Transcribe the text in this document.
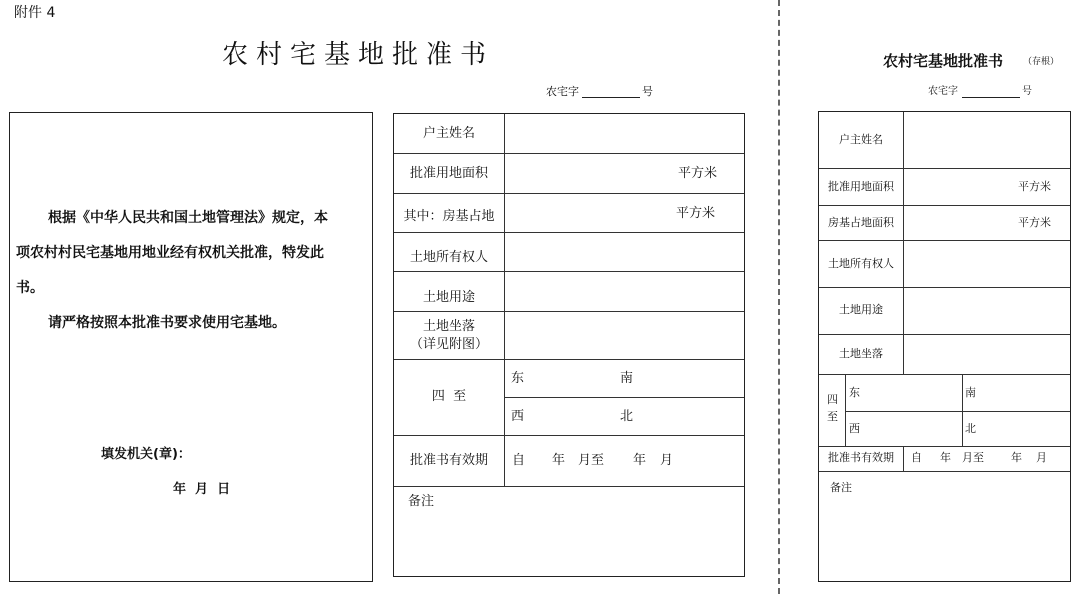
附件 4
农村宅基地批准书
农宅字	号
根据《中华人民共和国土地管理法》规定，本
项农村村民宅基地用地业经有权机关批准，特发此
书。
请严格按照本批准书要求使用宅基地。
填发机关(章)：
年  月  日
户主姓名
批准用地面积	平方米
其中：房基占地	平方米
土地所有权人
土地用途
土地坐落
（详见附图）
四  至
东	南
西	北
批准书有效期	自 年 月至 年 月
备注
农村宅基地批准书 （存根）
农宅字	号
户主姓名
批准用地面积	平方米
房基占地面积	平方米
土地所有权人
土地用途
土地坐落
四
至
东	南
西	北
批准书有效期	自 年 月至 年 月
备注
